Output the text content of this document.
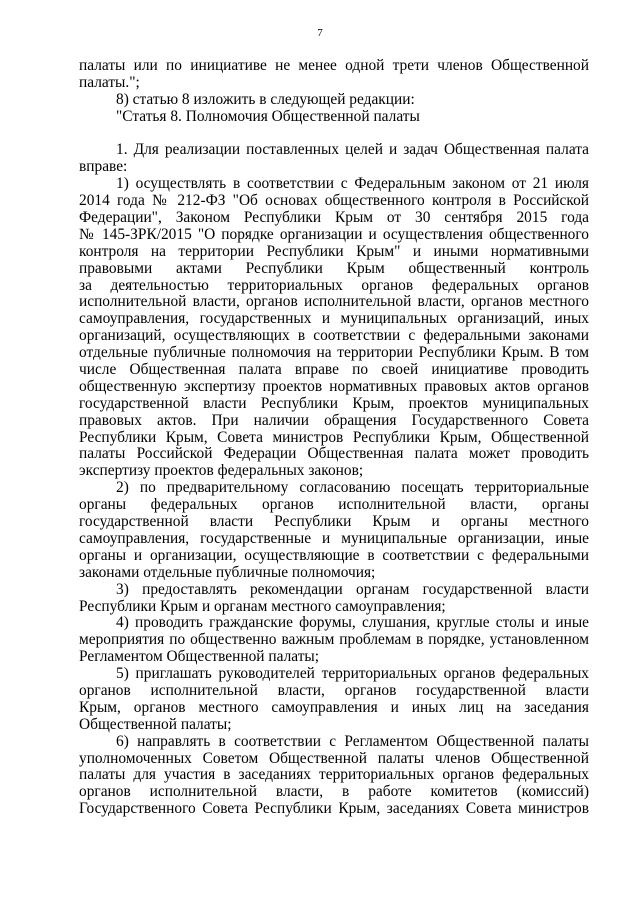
7
палаты или по инициативе не менее одной трети членов Общественной
палаты.";
8) статью 8 изложить в следующей редакции:
"Статья 8. Полномочия Общественной палаты
1. Для реализации поставленных целей и задач Общественная палата
вправе:
1) осуществлять в соответствии с Федеральным законом от 21 июля
2014 года № 212-ФЗ "Об основах общественного контроля в Российской
Федерации", Законом Республики Крым от 30 сентября 2015 года
№ 145-ЗРК/2015 "О порядке организации и осуществления общественного
контроля на территории Республики Крым" и иными нормативными
правовыми актами Республики Крым общественный контроль
за деятельностью территориальных органов федеральных органов
исполнительной власти, органов исполнительной власти, органов местного
самоуправления, государственных и муниципальных организаций, иных
организаций, осуществляющих в соответствии с федеральными законами
отдельные публичные полномочия на территории Республики Крым. В том
числе Общественная палата вправе по своей инициативе проводить
общественную экспертизу проектов нормативных правовых актов органов
государственной власти Республики Крым, проектов муниципальных
правовых актов. При наличии обращения Государственного Совета
Республики Крым, Совета министров Республики Крым, Общественной
палаты Российской Федерации Общественная палата может проводить
экспертизу проектов федеральных законов;
2) по предварительному согласованию посещать территориальные
органы федеральных органов исполнительной власти, органы
государственной власти Республики Крым и органы местного
самоуправления, государственные и муниципальные организации, иные
органы и организации, осуществляющие в соответствии с федеральными
законами отдельные публичные полномочия;
3) предоставлять рекомендации органам государственной власти
Республики Крым и органам местного самоуправления;
4) проводить гражданские форумы, слушания, круглые столы и иные
мероприятия по общественно важным проблемам в порядке, установленном
Регламентом Общественной палаты;
5) приглашать руководителей территориальных органов федеральных
органов исполнительной власти, органов государственной власти
Крым, органов местного самоуправления и иных лиц на заседания
Общественной палаты;
6) направлять в соответствии с Регламентом Общественной палаты
уполномоченных Советом Общественной палаты членов Общественной
палаты для участия в заседаниях территориальных органов федеральных
органов исполнительной власти, в работе комитетов (комиссий)
Государственного Совета Республики Крым, заседаниях Совета министров
